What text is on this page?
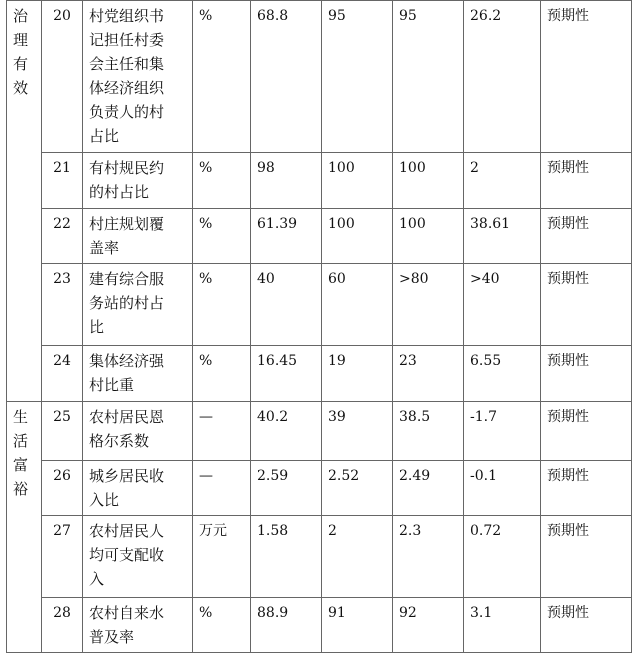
治理有效	20	村党组织书记担任村委会主任和集体经济组织负责人的村占比	%	68.8	95	95	26.2	预期性
	21	有村规民约的村占比	%	98	100	100	2	预期性
	22	村庄规划覆盖率	%	61.39	100	100	38.61	预期性
	23	建有综合服务站的村占比	%	40	60	>80	>40	预期性
	24	集体经济强村比重	%	16.45	19	23	6.55	预期性

生活富裕	25	农村居民恩格尔系数	—	40.2	39	38.5	-1.7	预期性
	26	城乡居民收入比	—	2.59	2.52	2.49	-0.1	预期性
	27	农村居民人均可支配收入	万元	1.58	2	2.3	0.72	预期性
	28	农村自来水普及率	%	88.9	91	92	3.1	预期性
